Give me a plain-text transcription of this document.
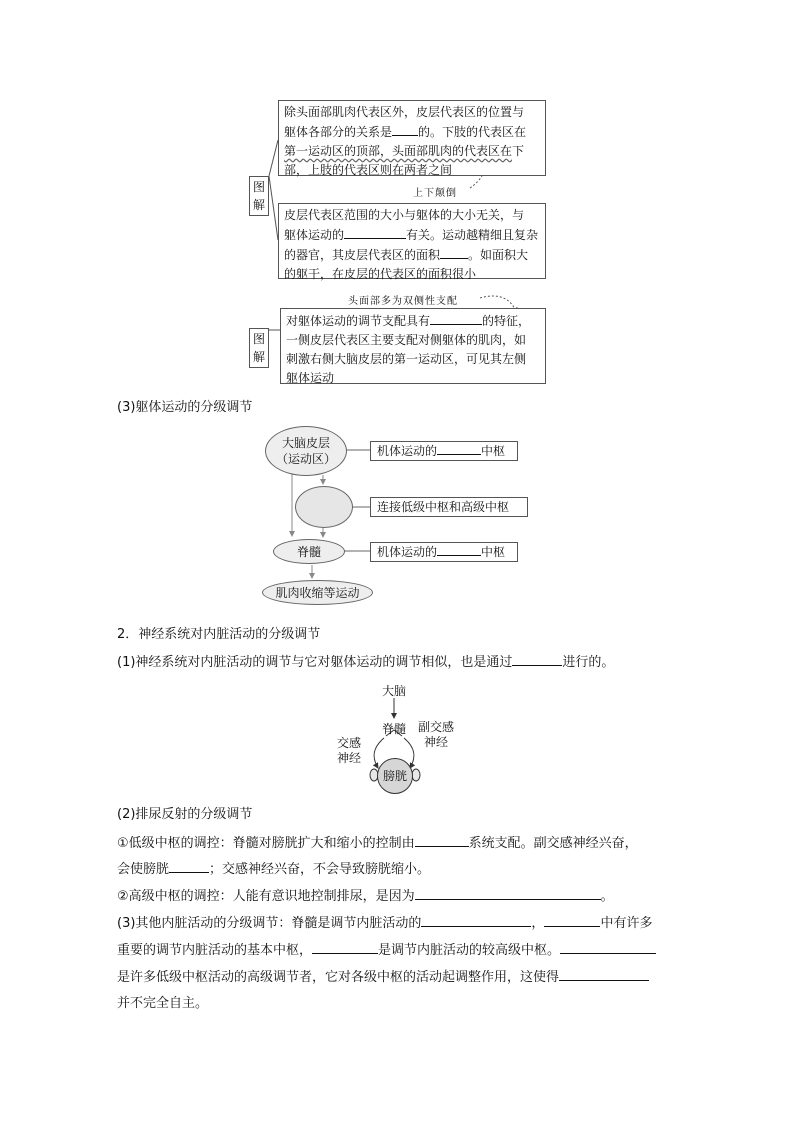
图
解
除头面部肌肉代表区外，皮层代表区的位置与
躯体各部分的关系是 的。下肢的代表区在
第一运动区的顶部，头面部肌肉的代表区在下
部，上肢的代表区则在两者之间
上下颠倒
皮层代表区范围的大小与躯体的大小无关，与
躯体运动的	有关。运动越精细且复杂
的器官，其皮层代表区的面积 。如面积大
的躯干，在皮层的代表区的面积很小
头面部多为双侧性支配
图
解
对躯体运动的调节支配具有	的特征，
一侧皮层代表区主要支配对侧躯体的肌肉，如
刺激右侧大脑皮层的第一运动区，可见其左侧
躯体运动
(3)躯体运动的分级调节
大脑皮层
（运动区）
脊髓
肌肉收缩等运动
机体运动的	中枢
连接低级中枢和高级中枢
机体运动的	中枢
2．神经系统对内脏活动的分级调节
(1)神经系统对内脏活动的调节与它对躯体运动的调节相似，也是通过	进行的。
大脑
脊髓
交感神经
副交感神经
膀胱
(2)排尿反射的分级调节
①低级中枢的调控：脊髓对膀胱扩大和缩小的控制由	系统支配。副交感神经兴奋，
会使膀胱	；交感神经兴奋，不会导致膀胱缩小。
②高级中枢的调控：人能有意识地控制排尿，是因为	。
(3)其他内脏活动的分级调节：脊髓是调节内脏活动的	，	中有许多
重要的调节内脏活动的基本中枢，	是调节内脏活动的较高级中枢。
是许多低级中枢活动的高级调节者，它对各级中枢的活动起调整作用，这使得
并不完全自主。
